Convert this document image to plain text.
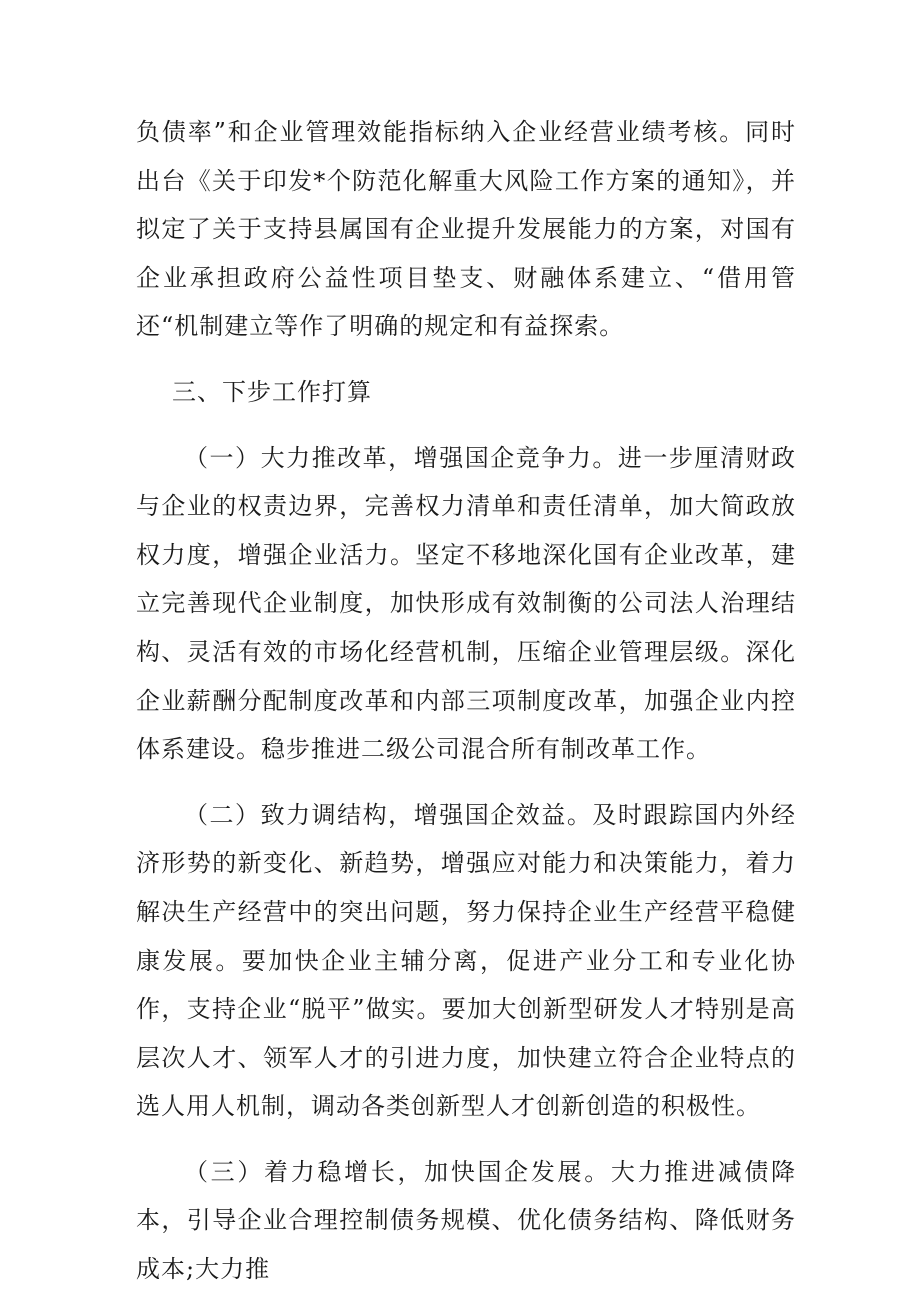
负债率”和企业管理效能指标纳入企业经营业绩考核。同时出台《关于印发*个防范化解重大风险工作方案的通知》，并拟定了关于支持县属国有企业提升发展能力的方案，对国有企业承担政府公益性项目垫支、财融体系建立、“借用管还“机制建立等作了明确的规定和有益探索。

三、下步工作打算

（一）大力推改革，增强国企竞争力。进一步厘清财政与企业的权责边界，完善权力清单和责任清单，加大简政放权力度，增强企业活力。坚定不移地深化国有企业改革，建立完善现代企业制度，加快形成有效制衡的公司法人治理结构、灵活有效的市场化经营机制，压缩企业管理层级。深化企业薪酬分配制度改革和内部三项制度改革，加强企业内控体系建设。稳步推进二级公司混合所有制改革工作。

（二）致力调结构，增强国企效益。及时跟踪国内外经济形势的新变化、新趋势，增强应对能力和决策能力，着力解决生产经营中的突出问题，努力保持企业生产经营平稳健康发展。要加快企业主辅分离，促进产业分工和专业化协作，支持企业“脱平”做实。要加大创新型研发人才特别是高层次人才、领军人才的引进力度，加快建立符合企业特点的选人用人机制，调动各类创新型人才创新创造的积极性。

（三）着力稳增长，加快国企发展。大力推进减债降本，引导企业合理控制债务规模、优化债务结构、降低财务成本;大力推
